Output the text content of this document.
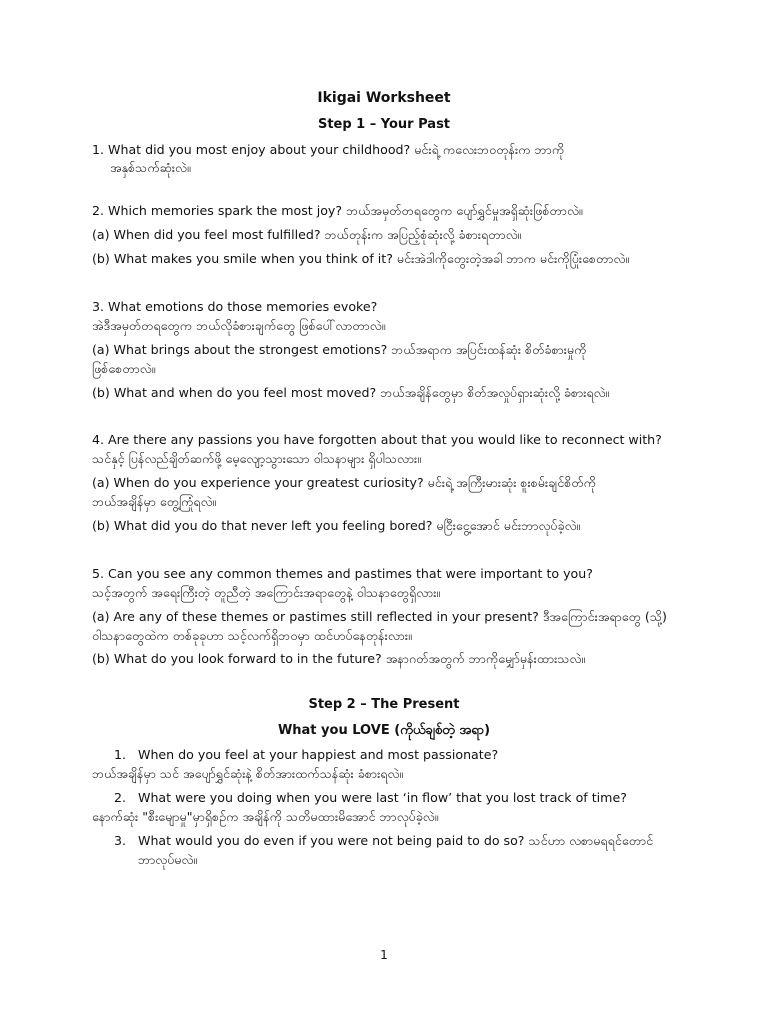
Ikigai Worksheet
Step 1 – Your Past

1. What did you most enjoy about your childhood? မင်းရဲ့ ကလေးဘဝတုန်းက ဘာကို

အနှစ်သက်ဆုံးလဲ။

2. Which memories spark the most joy? ဘယ်အမှတ်တရတွေက ပျော်ရွှင်မှုအရှိဆုံးဖြစ်တာလဲ။

(a) When did you feel most fulfilled? ဘယ်တုန်းက အပြည့်စုံဆုံးလို့ ခံစားရတာလဲ။

(b) What makes you smile when you think of it? မင်းအဲဒါကိုတွေးတဲ့အခါ ဘာက မင်းကိုပြုံးစေတာလဲ။

3. What emotions do those memories evoke?

အဲဒီအမှတ်တရတွေက ဘယ်လိုခံစားချက်တွေ ဖြစ်ပေါ်လာတာလဲ။

(a) What brings about the strongest emotions? ဘယ်အရာက အပြင်းထန်ဆုံး စိတ်ခံစားမှုကို

ဖြစ်စေတာလဲ။

(b) What and when do you feel most moved? ဘယ်အချိန်တွေမှာ စိတ်အလှုပ်ရှားဆုံးလို့ ခံစားရလဲ။

4. Are there any passions you have forgotten about that you would like to reconnect with?

သင်နှင့် ပြန်လည်ချိတ်ဆက်ဖို့ မေ့လျော့သွားသော ဝါသနာများ ရှိပါသလား။

(a) When do you experience your greatest curiosity? မင်းရဲ့ အကြီးမားဆုံး စူးစမ်းချင်စိတ်ကို

ဘယ်အချိန်မှာ တွေ့ကြုံရလဲ။

(b) What did you do that never left you feeling bored? မငြီးငွေ့အောင် မင်းဘာလုပ်ခဲ့လဲ။

5. Can you see any common themes and pastimes that were important to you?

သင့်အတွက် အရေးကြီးတဲ့ တူညီတဲ့ အကြောင်းအရာတွေနဲ့ ဝါသနာတွေရှိလား။

(a) Are any of these themes or pastimes still reflected in your present? ဒီအကြောင်းအရာတွေ (သို့)

ဝါသနာတွေထဲက တစ်ခုခုဟာ သင့်လက်ရှိဘဝမှာ ထင်ဟပ်နေတုန်းလား။

(b) What do you look forward to in the future? အနာဂတ်အတွက် ဘာကိုမျှော်မှန်းထားသလဲ။

Step 2 – The Present
What you LOVE (ကိုယ်ချစ်တဲ့ အရာ)
1. When do you feel at your happiest and most passionate?

ဘယ်အချိန်မှာ သင် အပျော်ရွှင်ဆုံးနဲ့ စိတ်အားထက်သန်ဆုံး ခံစားရလဲ။

2. What were you doing when you were last ‘in flow’ that you lost track of time?

နောက်ဆုံး "စီးမျောမှု"မှာရှိစဉ်က အချိန်ကို သတိမထားမိအောင် ဘာလုပ်ခဲ့လဲ။

3. What would you do even if you were not being paid to do so? သင်ဟာ လစာမရရင်တောင်

ဘာလုပ်မလဲ။

1
